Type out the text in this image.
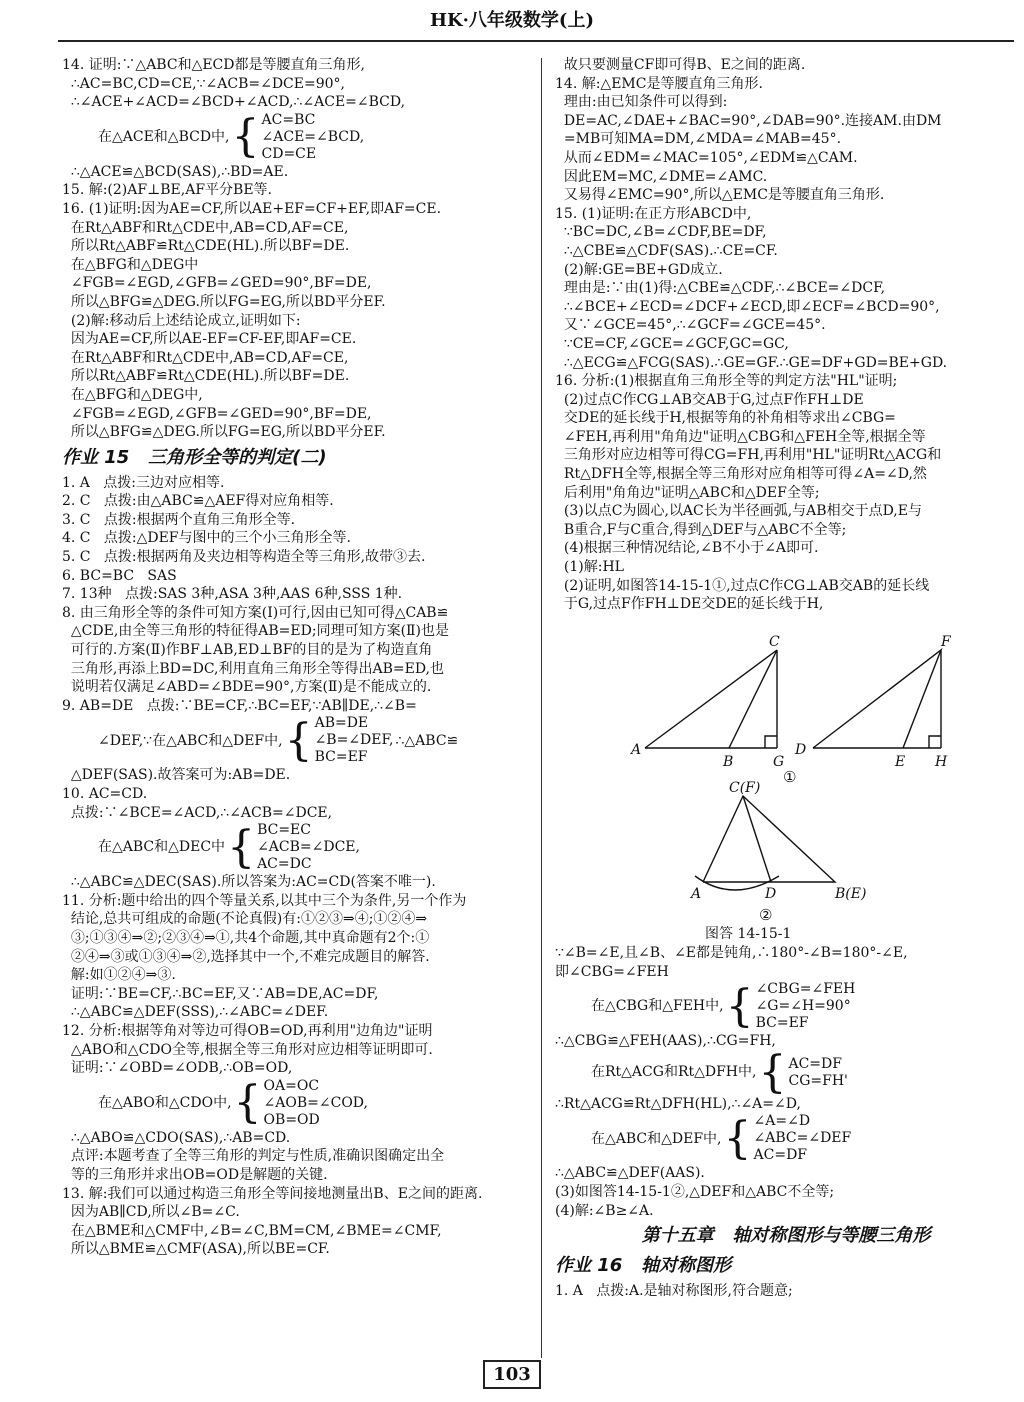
HK·八年级数学(上)
14. 证明:∵△ABC和△ECD都是等腰直角三角形,
∴AC=BC,CD=CE,∵∠ACB=∠DCE=90°,
∴∠ACE+∠ACD=∠BCD+∠ACD,∴∠ACE=∠BCD,
在△ACE和△BCD中, { AC=BC
∠ACE=∠BCD,
CD=CE
∴△ACE≌△BCD(SAS),∴BD=AE.
15. 解:(2)AF⊥BE,AF平分BE等.
16. (1)证明:因为AE=CF,所以AE+EF=CF+EF,即AF=CE.
在Rt△ABF和Rt△CDE中,AB=CD,AF=CE,
所以Rt△ABF≌Rt△CDE(HL).所以BF=DE.
在△BFG和△DEG中
∠FGB=∠EGD,∠GFB=∠GED=90°,BF=DE,
所以△BFG≌△DEG.所以FG=EG,所以BD平分EF.
(2)解:移动后上述结论成立,证明如下:
因为AE=CF,所以AE-EF=CF-EF,即AF=CE.
在Rt△ABF和Rt△CDE中,AB=CD,AF=CE,
所以Rt△ABF≌Rt△CDE(HL).所以BF=DE.
在△BFG和△DEG中,
∠FGB=∠EGD,∠GFB=∠GED=90°,BF=DE,
所以△BFG≌△DEG.所以FG=EG,所以BD平分EF.
作业 15   三角形全等的判定(二)
1. A   点拨:三边对应相等.
2. C   点拨:由△ABC≌△AEF得对应角相等.
3. C   点拨:根据两个直角三角形全等.
4. C   点拨:△DEF与图中的三个小三角形全等.
5. C   点拨:根据两角及夹边相等构造全等三角形,故带③去.
6. BC=BC   SAS
7. 13种   点拨:SAS 3种,ASA 3种,AAS 6种,SSS 1种.
8. 由三角形全等的条件可知方案(Ⅰ)可行,因由已知可得△CAB≌
△CDE,由全等三角形的特征得AB=ED;同理可知方案(Ⅱ)也是
可行的.方案(Ⅱ)作BF⊥AB,ED⊥BF的目的是为了构造直角
三角形,再添上BD=DC,利用直角三角形全等得出AB=ED,也
说明若仅满足∠ABD=∠BDE=90°,方案(Ⅱ)是不能成立的.
9. AB=DE   点拨:∵BE=CF,∴BC=EF,∵AB∥DE,∴∠B=
∠DEF,∵在△ABC和△DEF中, { AB=DE
∠B=∠DEF,
BC=EF
∴△ABC≌
△DEF(SAS).故答案可为:AB=DE.
10. AC=CD.
点拨:∵∠BCE=∠ACD,∴∠ACB=∠DCE,
在△ABC和△DEC中 { BC=EC
∠ACB=∠DCE,
AC=DC
∴△ABC≌△DEC(SAS).所以答案为:AC=CD(答案不唯一).
11. 分析:题中给出的四个等量关系,以其中三个为条件,另一个作为
结论,总共可组成的命题(不论真假)有:①②③⇒④;①②④⇒
③;①③④⇒②;②③④⇒①,共4个命题,其中真命题有2个:①
②④⇒③或①③④⇒②,选择其中一个,不难完成题目的解答.
解:如①②④⇒③.
证明:∵BE=CF,∴BC=EF,又∵AB=DE,AC=DF,
∴△ABC≌△DEF(SSS),∴∠ABC=∠DEF.
12. 分析:根据等角对等边可得OB=OD,再利用"边角边"证明
△ABO和△CDO全等,根据全等三角形对应边相等证明即可.
证明:∵∠OBD=∠ODB,∴OB=OD,
在△ABO和△CDO中, { OA=OC
∠AOB=∠COD,
OB=OD
∴△ABO≌△CDO(SAS),∴AB=CD.
点评:本题考查了全等三角形的判定与性质,准确识图确定出全
等的三角形并求出OB=OD是解题的关键.
13. 解:我们可以通过构造三角形全等间接地测量出B、E之间的距离.
因为AB∥CD,所以∠B=∠C.
在△BME和△CMF中,∠B=∠C,BM=CM,∠BME=∠CMF,
所以△BME≌△CMF(ASA),所以BE=CF.
故只要测量CF即可得B、E之间的距离.
14. 解:△EMC是等腰直角三角形.
理由:由已知条件可以得到:
DE=AC,∠DAE+∠BAC=90°,∠DAB=90°.连接AM.由DM
=MB可知MA=DM,∠MDA=∠MAB=45°.
从而∠EDM=∠MAC=105°,∠EDM≌△CAM.
因此EM=MC,∠DME=∠AMC.
又易得∠EMC=90°,所以△EMC是等腰直角三角形.
15. (1)证明:在正方形ABCD中,
∵BC=DC,∠B=∠CDF,BE=DF,
∴△CBE≌△CDF(SAS).∴CE=CF.
(2)解:GE=BE+GD成立.
理由是:∵由(1)得:△CBE≌△CDF,∴∠BCE=∠DCF,
∴∠BCE+∠ECD=∠DCF+∠ECD,即∠ECF=∠BCD=90°,
又∵∠GCE=45°,∴∠GCF=∠GCE=45°.
∵CE=CF,∠GCE=∠GCF,GC=GC,
∴△ECG≌△FCG(SAS).∴GE=GF.∴GE=DF+GD=BE+GD.
16. 分析:(1)根据直角三角形全等的判定方法"HL"证明;
(2)过点C作CG⊥AB交AB于G,过点F作FH⊥DE
交DE的延长线于H,根据等角的补角相等求出∠CBG=
∠FEH,再利用"角角边"证明△CBG和△FEH全等,根据全等
三角形对应边相等可得CG=FH,再利用"HL"证明Rt△ACG和
Rt△DFH全等,根据全等三角形对应角相等可得∠A=∠D,然
后利用"角角边"证明△ABC和△DEF全等;
(3)以点C为圆心,以AC长为半径画弧,与AB相交于点D,E与
B重合,F与C重合,得到△DEF与△ABC不全等;
(4)根据三种情况结论,∠B不小于∠A即可.
(1)解:HL
(2)证明,如图答14-15-1①,过点C作CG⊥AB交AB的延长线
于G,过点F作FH⊥DE交DE的延长线于H,
A
B
C
G
D
E
F
H
C(F)
A	D	B(E)
①
②
图答 14-15-1
∵∠B=∠E,且∠B、∠E都是钝角,∴180°-∠B=180°-∠E,
即∠CBG=∠FEH
在△CBG和△FEH中, { ∠CBG=∠FEH
∠G=∠H=90°
BC=EF
∴△CBG≌△FEH(AAS),∴CG=FH,
在Rt△ACG和Rt△DFH中, { AC=DF
CG=FH'
∴Rt△ACG≌Rt△DFH(HL),∴∠A=∠D,
在△ABC和△DEF中, { ∠A=∠D
∠ABC=∠DEF
AC=DF
∴△ABC≌△DEF(AAS).
(3)如图答14-15-1②,△DEF和△ABC不全等;
(4)解:∠B≥∠A.
第十五章   轴对称图形与等腰三角形
作业 16   轴对称图形
1. A   点拨:A.是轴对称图形,符合题意;
103
